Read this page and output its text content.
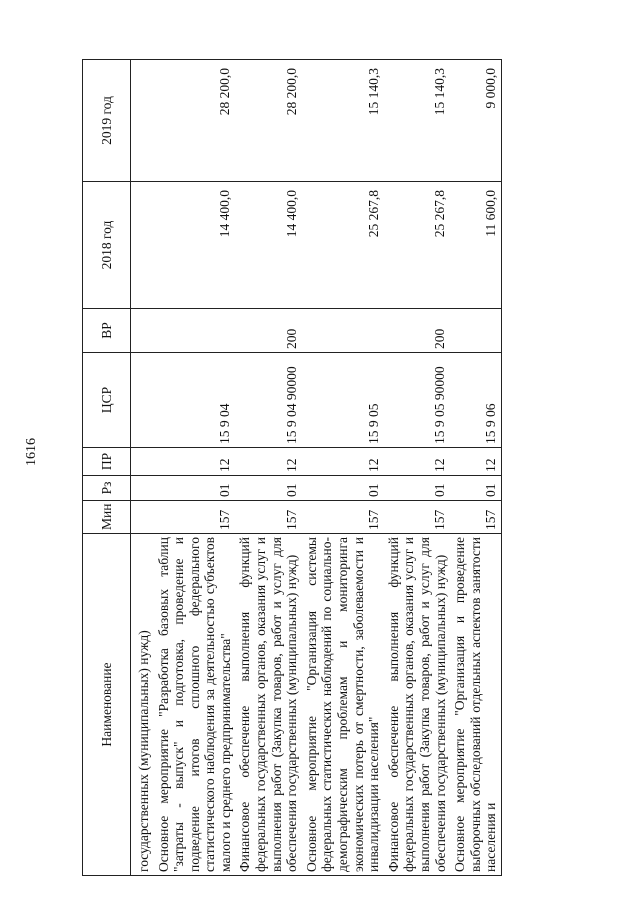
1616
Наименование	Мин	Рз	ПР	ЦСР	ВР	2018 год	2019 год
государственных (муниципальных) нужд)							
Основное мероприятие "Разработка базовых таблиц "затраты - выпуск" и подготовка, проведение и подведение итогов сплошного федерального статистического наблюдения за деятельностью субъектов малого и среднего предпринимательства"	157	01	12	15 9 04		14 400,0	28 200,0
Финансовое обеспечение выполнения функций федеральных государственных органов, оказания услуг и выполнения работ (Закупка товаров, работ и услуг для обеспечения государственных (муниципальных) нужд)	157	01	12	15 9 04 90000	200	14 400,0	28 200,0
Основное мероприятие "Организация системы федеральных статистических наблюдений по социально-демографическим проблемам и мониторинга экономических потерь от смертности, заболеваемости и инвалидизации населения"	157	01	12	15 9 05		25 267,8	15 140,3
Финансовое обеспечение выполнения функций федеральных государственных органов, оказания услуг и выполнения работ (Закупка товаров, работ и услуг для обеспечения государственных (муниципальных) нужд)	157	01	12	15 9 05 90000	200	25 267,8	15 140,3
Основное мероприятие "Организация и проведение выборочных обследований отдельных аспектов занятости населения и	157	01	12	15 9 06		11 600,0	9 000,0
